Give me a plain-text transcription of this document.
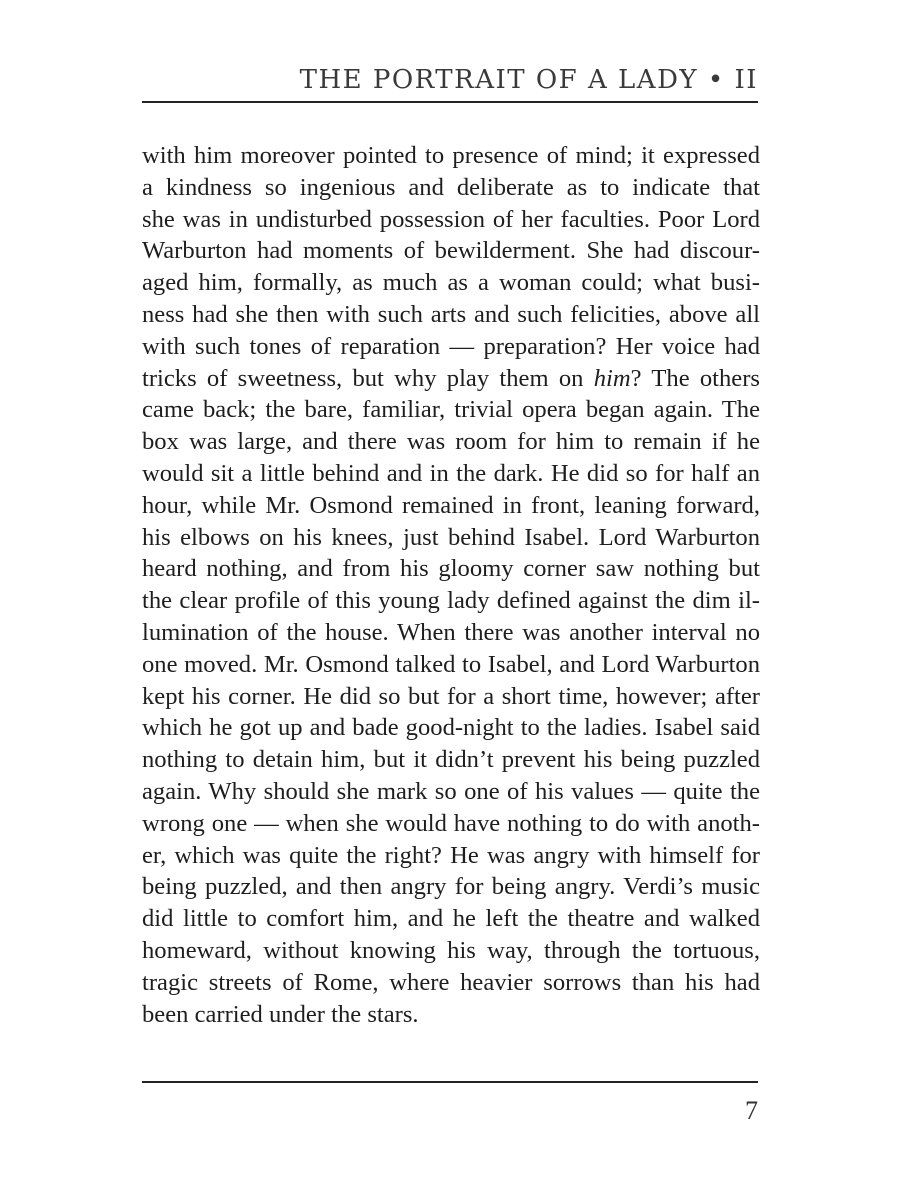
THE PORTRAIT OF A LADY • II
with him moreover pointed to presence of mind; it expressed
a kindness so ingenious and deliberate as to indicate that
she was in undisturbed possession of her faculties. Poor Lord
Warburton had moments of bewilderment. She had discour-
aged him, formally, as much as a woman could; what busi-
ness had she then with such arts and such felicities, above all
with such tones of reparation — preparation? Her voice had
tricks of sweetness, but why play them on him? The others
came back; the bare, familiar, trivial opera began again. The
box was large, and there was room for him to remain if he
would sit a little behind and in the dark. He did so for half an
hour, while Mr. Osmond remained in front, leaning forward,
his elbows on his knees, just behind Isabel. Lord Warburton
heard nothing, and from his gloomy corner saw nothing but
the clear profile of this young lady defined against the dim il-
lumination of the house. When there was another interval no
one moved. Mr. Osmond talked to Isabel, and Lord Warburton
kept his corner. He did so but for a short time, however; after
which he got up and bade good-night to the ladies. Isabel said
nothing to detain him, but it didn’t prevent his being puzzled
again. Why should she mark so one of his values — quite the
wrong one — when she would have nothing to do with anoth-
er, which was quite the right? He was angry with himself for
being puzzled, and then angry for being angry. Verdi’s music
did little to comfort him, and he left the theatre and walked
homeward, without knowing his way, through the tortuous,
tragic streets of Rome, where heavier sorrows than his had
been carried under the stars.
7
